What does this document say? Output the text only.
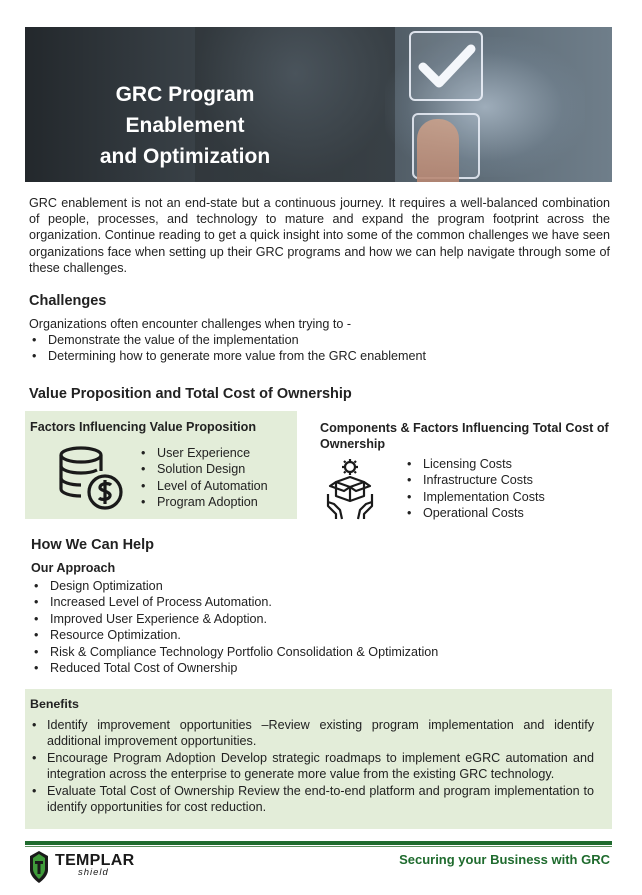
GRC Program Enablement
and Optimization

GRC enablement is not an end-state but a continuous journey. It requires a well-balanced combination of people, processes, and technology to mature and expand the program footprint across the organization. Continue reading to get a quick insight into some of the common challenges we have seen organizations face when setting up their GRC programs and how we can help navigate through some of these challenges.

Challenges
Organizations often encounter challenges when trying to -
• Demonstrate the value of the implementation
• Determining how to generate more value from the GRC enablement
Value Proposition and Total Cost of Ownership
Factors Influencing Value Proposition
• User Experience
• Solution Design
• Level of Automation
• Program Adoption
Components & Factors Influencing Total Cost of Ownership
• Licensing Costs
• Infrastructure Costs
• Implementation Costs
• Operational Costs
How We Can Help
Our Approach
• Design Optimization
• Increased Level of Process Automation.
• Improved User Experience & Adoption.
• Resource Optimization.
• Risk & Compliance Technology Portfolio Consolidation & Optimization
• Reduced Total Cost of Ownership
Benefits
• Identify improvement opportunities –Review existing program implementation and identify additional improvement opportunities.
• Encourage Program Adoption Develop strategic roadmaps to implement eGRC automation and integration across the enterprise to generate more value from the existing GRC technology.
• Evaluate Total Cost of Ownership Review the end-to-end platform and program implementation to identify opportunities for cost reduction.
TEMPLAR
shield
Securing your Business with GRC
